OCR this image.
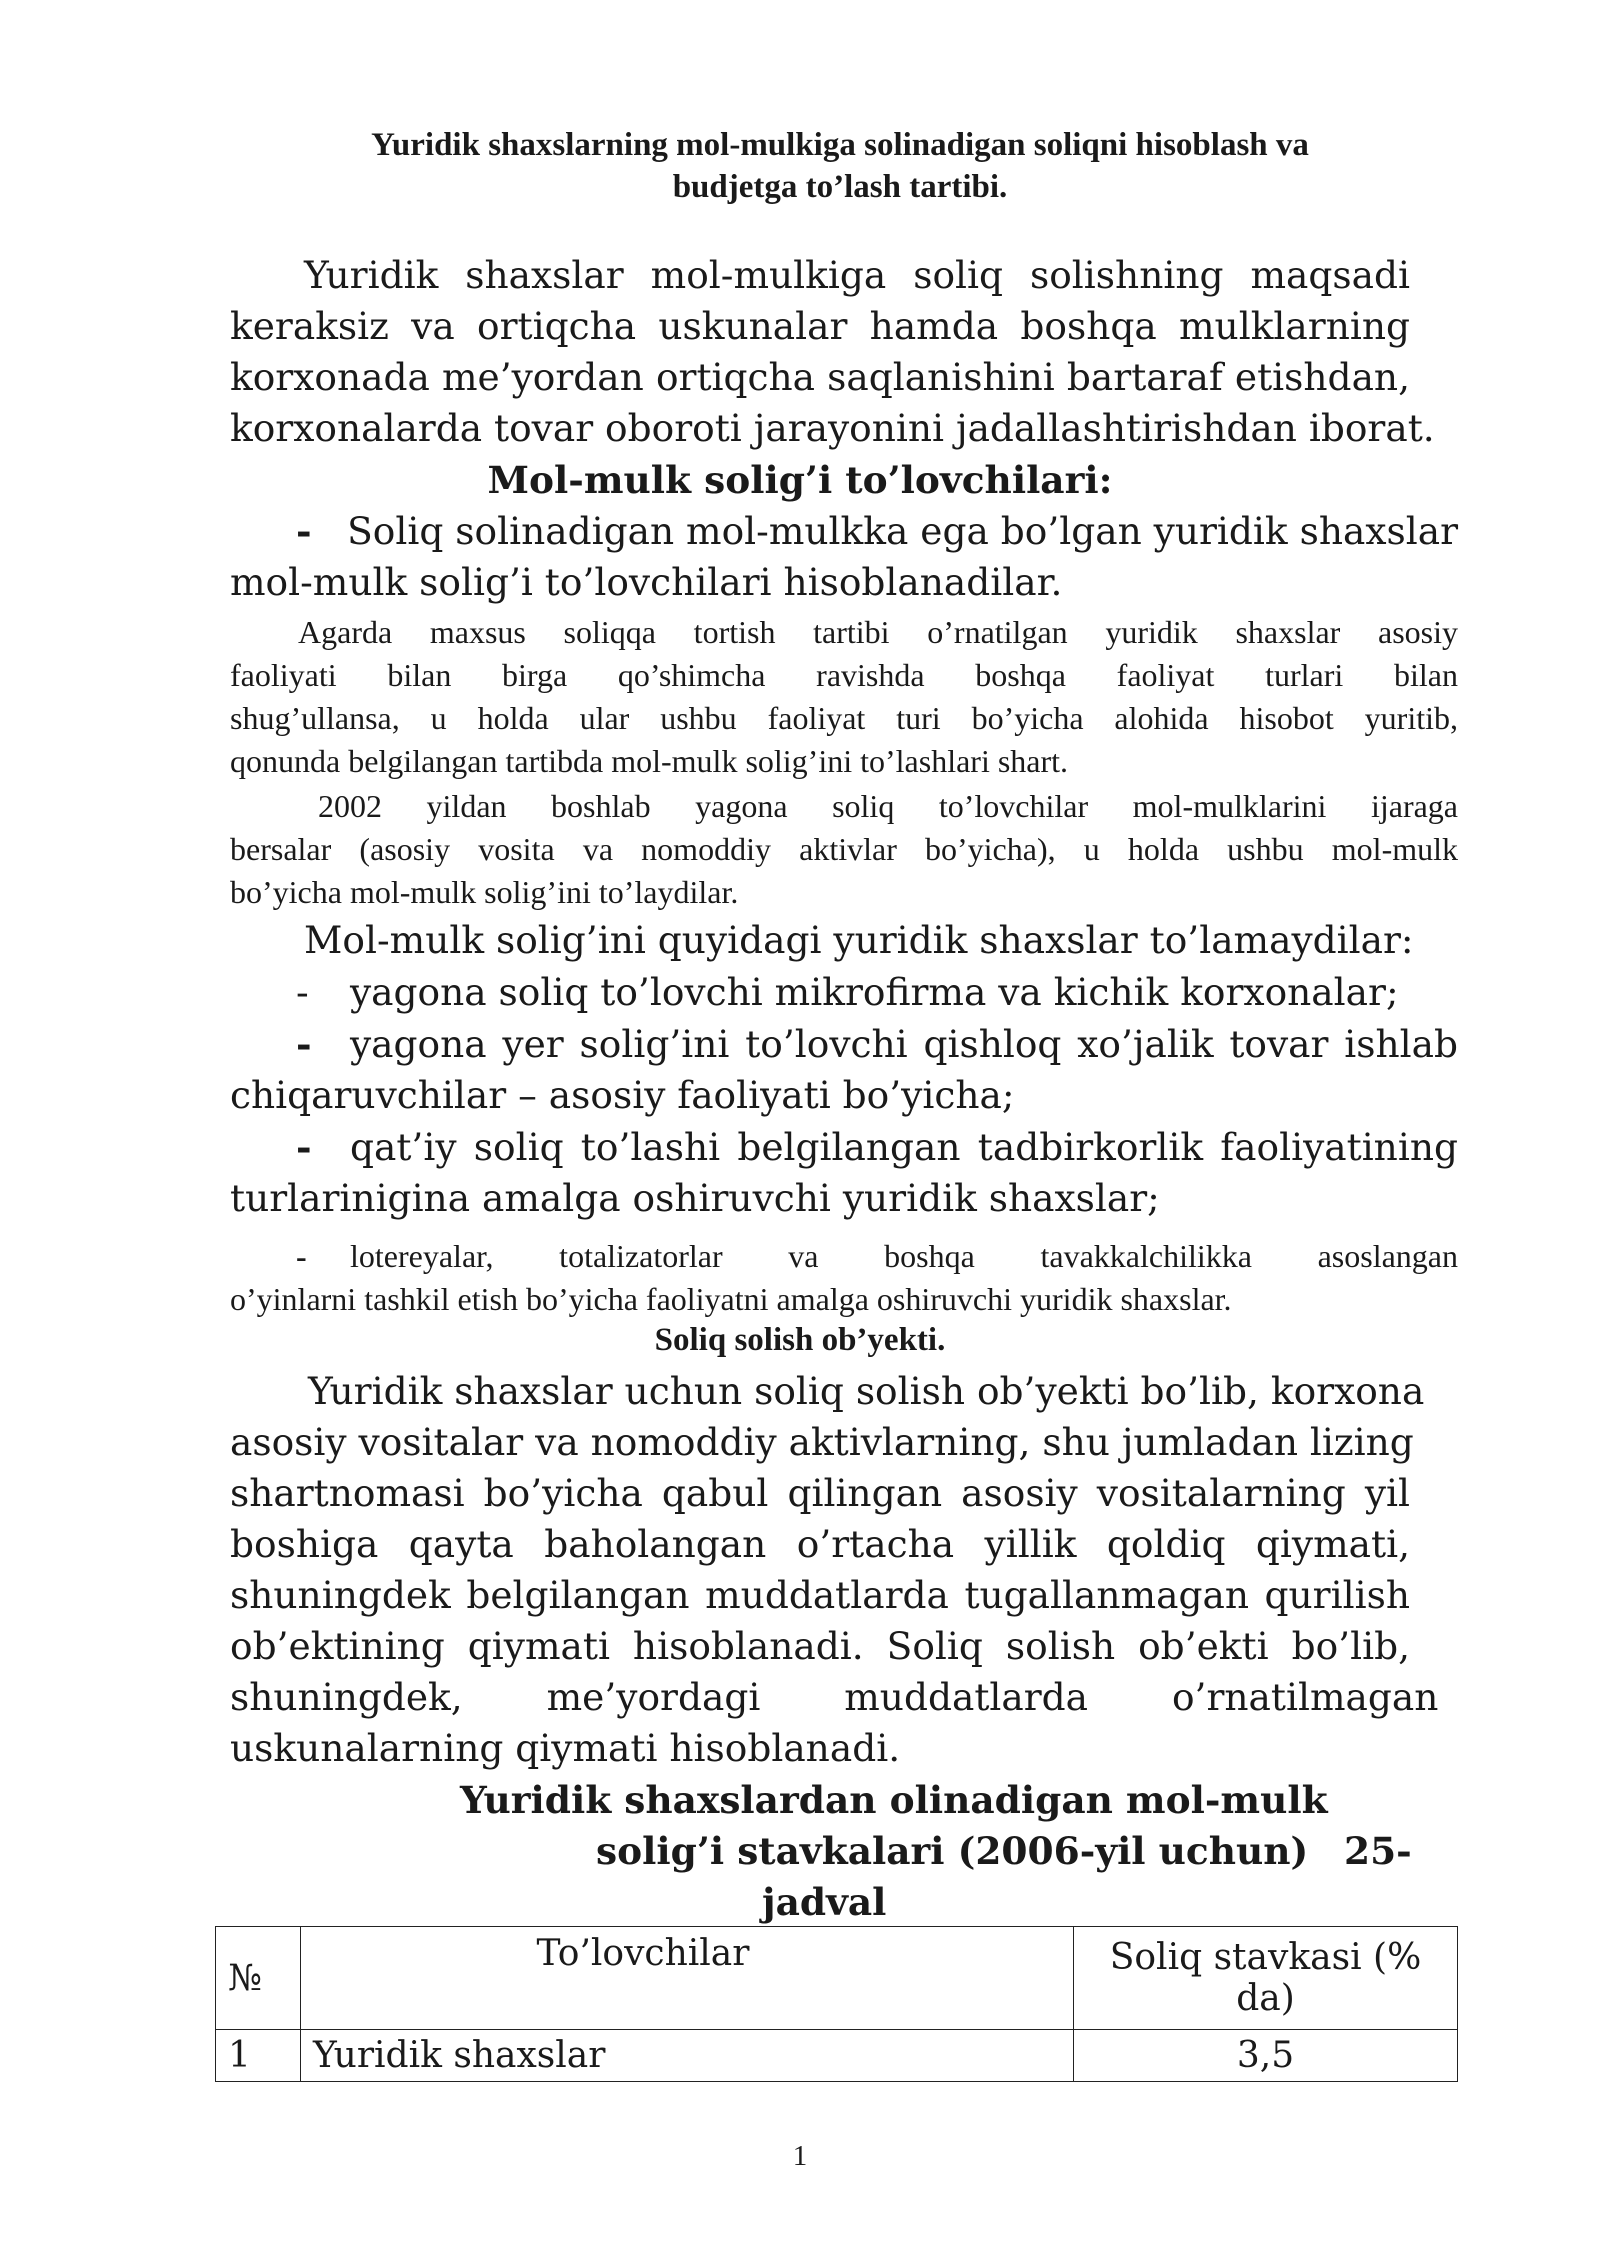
Yuridik shaxslarning mol-mulkiga solinadigan soliqni hisoblash va
budjetga to’lash tartibi.
Yuridik shaxslar mol-mulkiga soliq solishning maqsadi
keraksiz va ortiqcha uskunalar hamda boshqa mulklarning
korxonada me’yordan ortiqcha saqlanishini bartaraf etishdan,
korxonalarda tovar oboroti jarayonini jadallashtirishdan iborat.
Mol-mulk solig’i to’lovchilari:
- Soliq solinadigan mol-mulkka ega bo’lgan yuridik shaxslar
mol-mulk solig’i to’lovchilari hisoblanadilar.
Agarda maxsus soliqqa tortish tartibi o’rnatilgan yuridik shaxslar asosiy
faoliyati bilan birga qo’shimcha ravishda boshqa faoliyat turlari bilan
shug’ullansa, u holda ular ushbu faoliyat turi bo’yicha alohida hisobot yuritib,
qonunda belgilangan tartibda mol-mulk solig’ini to’lashlari shart.
2002 yildan boshlab yagona soliq to’lovchilar mol-mulklarini ijaraga
bersalar (asosiy vosita va nomoddiy aktivlar bo’yicha), u holda ushbu mol-mulk
bo’yicha mol-mulk solig’ini to’laydilar.
Mol-mulk solig’ini quyidagi yuridik shaxslar to’lamaydilar:
-	yagona soliq to’lovchi mikrofirma va kichik korxonalar;
-	yagona yer solig’ini to’lovchi qishloq xo’jalik tovar ishlab
chiqaruvchilar – asosiy faoliyati bo’yicha;
-	qat’iy soliq to’lashi belgilangan tadbirkorlik faoliyatining
turlarinigina amalga oshiruvchi yuridik shaxslar;
-	lotereyalar, totalizatorlar va boshqa tavakkalchilikka asoslangan
o’yinlarni tashkil etish bo’yicha faoliyatni amalga oshiruvchi yuridik shaxslar.
Soliq solish ob’yekti.
Yuridik shaxslar uchun soliq solish ob’yekti bo’lib, korxona
asosiy vositalar va nomoddiy aktivlarning, shu jumladan lizing
shartnomasi bo’yicha qabul qilingan asosiy vositalarning yil
boshiga qayta baholangan o’rtacha yillik qoldiq qiymati,
shuningdek belgilangan muddatlarda tugallanmagan qurilish
ob’ektining qiymati hisoblanadi. Soliq solish ob’ekti bo’lib,
shuningdek, me’yordagi muddatlarda o’rnatilmagan
uskunalarning qiymati hisoblanadi.
Yuridik shaxslardan olinadigan mol-mulk
solig’i stavkalari (2006-yil uchun) 25-
jadval
№	To’lovchilar	Soliq stavkasi (% da)
1	Yuridik shaxslar	3,5
1
